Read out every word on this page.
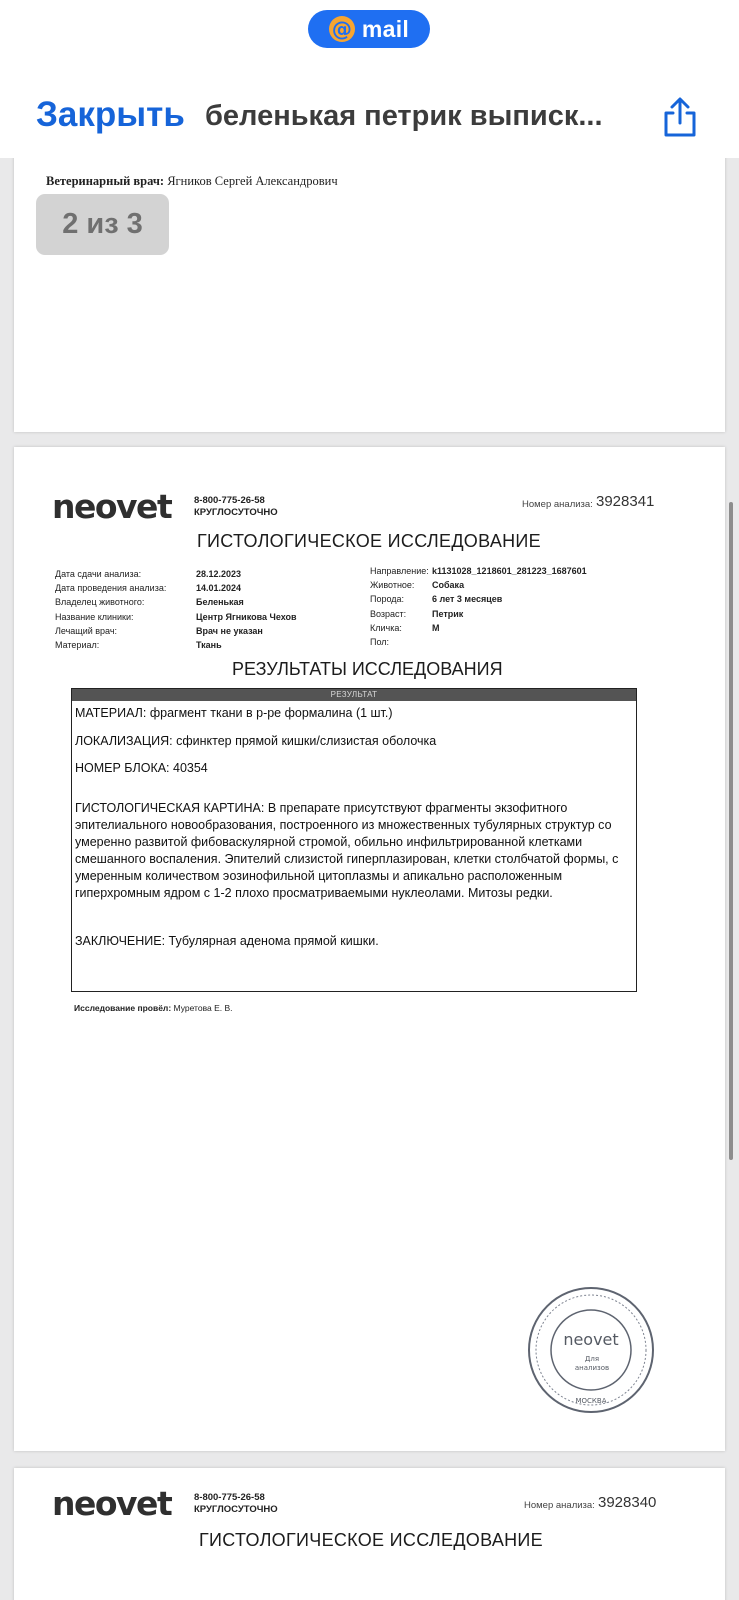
@ mail
Закрыть беленькая петрик выписк...
Ветеринарный врач: Ягников Сергей Александрович
2 из 3
neovet 8-800-775-26-58
КРУГЛОСУТОЧНО
Номер анализа: 3928341
ГИСТОЛОГИЧЕСКОЕ ИССЛЕДОВАНИЕ
Дата сдачи анализа:
Дата проведения анализа:
Владелец животного:
Название клиники:
Лечащий врач:
Материал:
28.12.2023
14.01.2024
Беленькая
Центр Ягникова Чехов
Врач не указан
Ткань
Направление:
Животное:
Порода:
Возраст:
Кличка:
Пол:
k1131028_1218601_281223_1687601
Собака
6 лет 3 месяцев
Петрик
М
РЕЗУЛЬТАТЫ ИССЛЕДОВАНИЯ
РЕЗУЛЬТАТ
МАТЕРИАЛ: фрагмент ткани в р-ре формалина (1 шт.)
ЛОКАЛИЗАЦИЯ: сфинктер прямой кишки/слизистая оболочка
НОМЕР БЛОКА: 40354
ГИСТОЛОГИЧЕСКАЯ КАРТИНА: В препарате присутствуют фрагменты экзофитного эпителиального новообразования, построенного из множественных тубулярных структур со умеренно развитой фибоваскулярной стромой, обильно инфильтрированной клетками смешанного воспаления. Эпителий слизистой гиперплазирован, клетки столбчатой формы, с умеренным количеством эозинофильной цитоплазмы и апикально расположенным гиперхромным ядром с 1-2 плохо просматриваемыми нуклеолами. Митозы редки.
ЗАКЛЮЧЕНИЕ: Тубулярная аденома прямой кишки.
Исследование провёл: Муретова Е. В.
neovet
Для
анализов
МОСКВА
neovet 8-800-775-26-58
КРУГЛОСУТОЧНО	Номер анализа: 3928340
ГИСТОЛОГИЧЕСКОЕ ИССЛЕДОВАНИЕ
